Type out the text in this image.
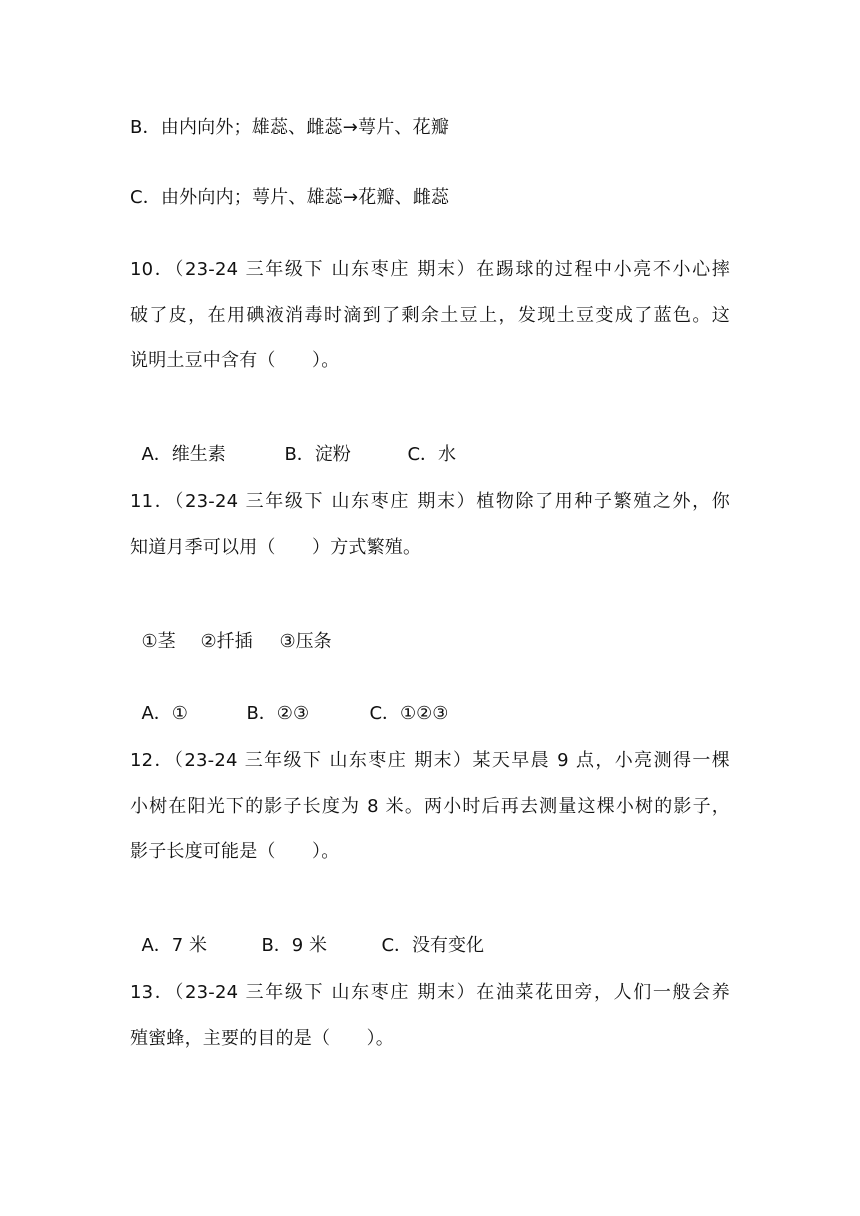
B．由内向外；雄蕊、雌蕊→萼片、花瓣
C．由外向内；萼片、雄蕊→花瓣、雌蕊
10．（23-24 三年级下 山东枣庄 期末）在踢球的过程中小亮不小心摔
破了皮，在用碘液消毒时滴到了剩余土豆上，发现土豆变成了蓝色。这
说明土豆中含有（　　）。

A．维生素	B．淀粉	C．水

11．（23-24 三年级下 山东枣庄 期末）植物除了用种子繁殖之外，你
知道月季可以用（　　）方式繁殖。

①茎 ②扦插 ③压条

A．①	B．②③	C．①②③

12．（23-24 三年级下 山东枣庄 期末）某天早晨 9 点，小亮测得一棵
小树在阳光下的影子长度为 8 米。两小时后再去测量这棵小树的影子，
影子长度可能是（　　）。

A．7 米	B．9 米	C．没有变化

13．（23-24 三年级下 山东枣庄 期末）在油菜花田旁，人们一般会养
殖蜜蜂，主要的目的是（　　）。
